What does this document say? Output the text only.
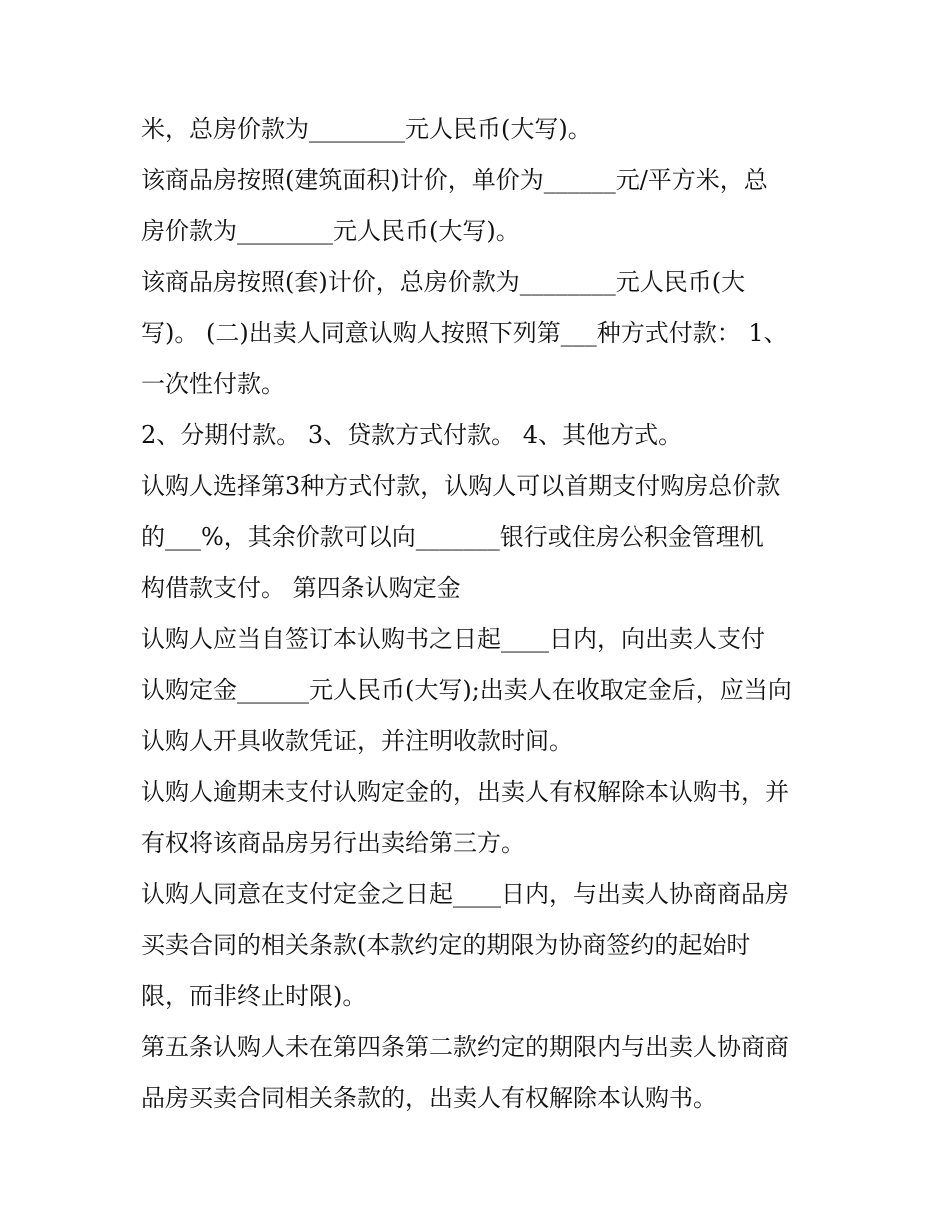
米，总房价款为________元人民币(大写)。
该商品房按照(建筑面积)计价，单价为______元/平方米，总
房价款为________元人民币(大写)。
该商品房按照(套)计价，总房价款为________元人民币(大
写)。 (二)出卖人同意认购人按照下列第___种方式付款： 1、
一次性付款。
2、分期付款。 3、贷款方式付款。 4、其他方式。
认购人选择第3种方式付款，认购人可以首期支付购房总价款
的___%，其余价款可以向_______银行或住房公积金管理机
构借款支付。 第四条认购定金
认购人应当自签订本认购书之日起____日内，向出卖人支付
认购定金______元人民币(大写);出卖人在收取定金后，应当向
认购人开具收款凭证，并注明收款时间。
认购人逾期未支付认购定金的，出卖人有权解除本认购书，并
有权将该商品房另行出卖给第三方。
认购人同意在支付定金之日起____日内，与出卖人协商商品房
买卖合同的相关条款(本款约定的期限为协商签约的起始时
限，而非终止时限)。
第五条认购人未在第四条第二款约定的期限内与出卖人协商商
品房买卖合同相关条款的，出卖人有权解除本认购书。
